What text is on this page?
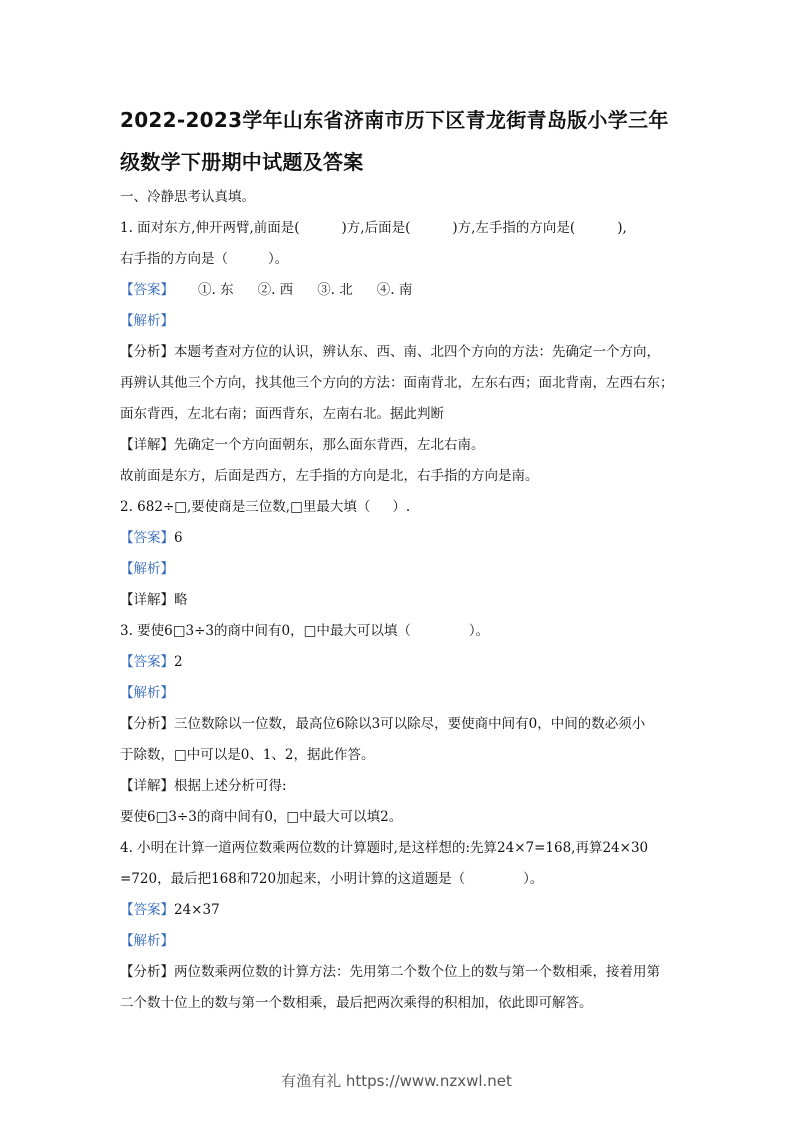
2022-2023学年山东省济南市历下区青龙街青岛版小学三年
级数学下册期中试题及答案
一、冷静思考认真填。
1. 面对东方,伸开两臂,前面是(	)方,后面是(	)方,左手指的方向是(	),
右手指的方向是（	）。
【答案】 ①. 东 ②. 西 ③. 北 ④. 南
【解析】
【分析】本题考查对方位的认识，辨认东、西、南、北四个方向的方法：先确定一个方向，
再辨认其他三个方向，找其他三个方向的方法：面南背北，左东右西；面北背南，左西右东；
面东背西，左北右南；面西背东，左南右北。据此判断
【详解】先确定一个方向面朝东，那么面东背西，左北右南。
故前面是东方，后面是西方，左手指的方向是北，右手指的方向是南。
2. 682÷□,要使商是三位数,□里最大填（ ）.
【答案】6
【解析】
【详解】略
3. 要使6□3÷3的商中间有0，□中最大可以填（	）。
【答案】2
【解析】
【分析】三位数除以一位数，最高位6除以3可以除尽，要使商中间有0，中间的数必须小
于除数，□中可以是0、1、2，据此作答。
【详解】根据上述分析可得:
要使6□3÷3的商中间有0，□中最大可以填2。
4. 小明在计算一道两位数乘两位数的计算题时,是这样想的:先算24×7=168,再算24×30
=720，最后把168和720加起来，小明计算的这道题是（	）。
【答案】24×37
【解析】
【分析】两位数乘两位数的计算方法：先用第二个数个位上的数与第一个数相乘，接着用第
二个数十位上的数与第一个数相乘，最后把两次乘得的积相加，依此即可解答。
有渔有礼 https://www.nzxwl.net
